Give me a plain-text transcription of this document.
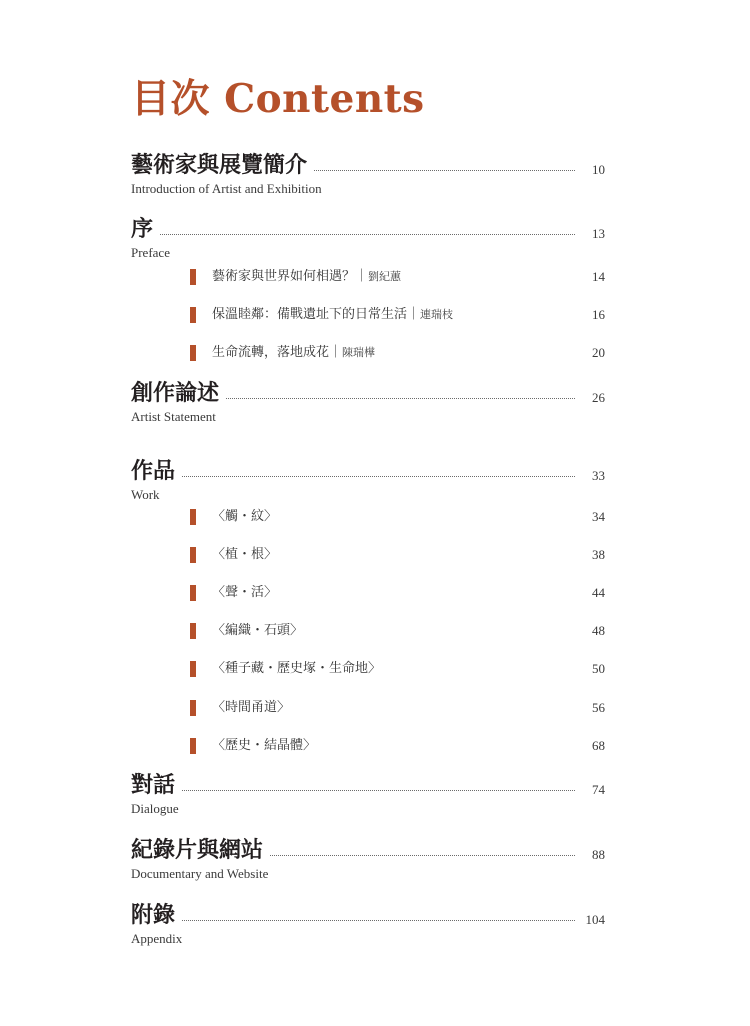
目次 Contents
藝術家與展覽簡介	10
Introduction of Artist and Exhibition
序	13
Preface
藝術家與世界如何相遇？｜劉紀蕙	14
保溫睦鄰：備戰遺址下的日常生活｜連瑞枝	16
生命流轉，落地成花｜陳瑞樺	20
創作論述	26
Artist Statement
作品	33
Work
〈觸・紋〉	34
〈植・根〉	38
〈聲・活〉	44
〈編織・石頭〉	48
〈種子藏・歷史塚・生命地〉	50
〈時間甬道〉	56
〈歷史・結晶體〉	68
對話	74
Dialogue
紀錄片與網站	88
Documentary and Website
附錄	104
Appendix
